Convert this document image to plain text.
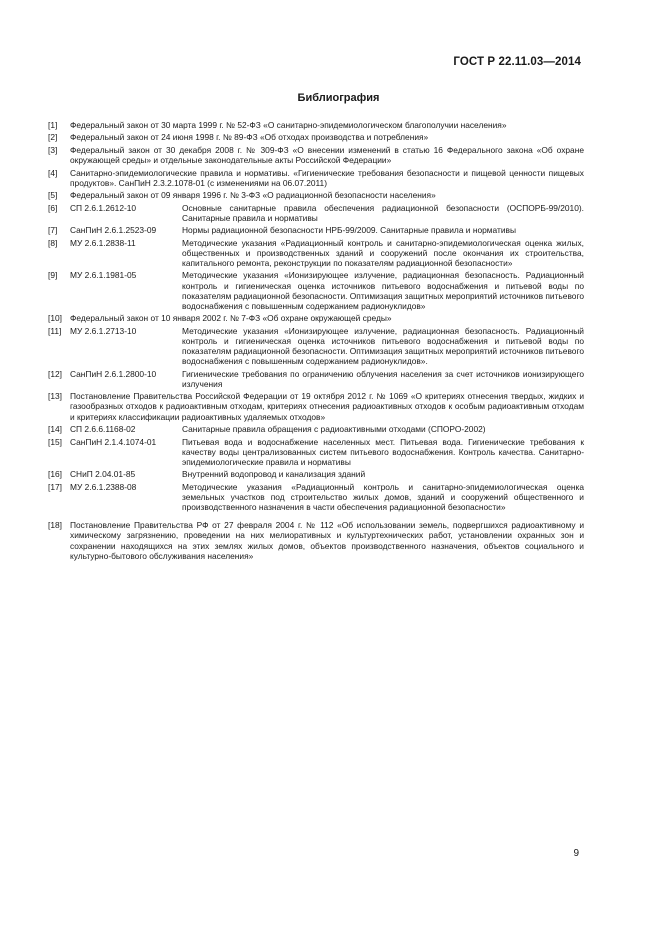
ГОСТ Р 22.11.03—2014
Библиография
[1]	Федеральный закон от 30 марта 1999 г. № 52-ФЗ «О санитарно-эпидемиологическом благополучии населения»
[2]	Федеральный закон от 24 июня 1998 г. № 89-ФЗ «Об отходах производства и потребления»
[3]	Федеральный закон от 30 декабря 2008 г. № 309-ФЗ «О внесении изменений в статью 16 Федерального закона «Об охране окружающей среды» и отдельные законодательные акты Российской Федерации»
[4]	Санитарно-эпидемиологические правила и нормативы. «Гигиенические требования безопасности и пищевой ценности пищевых продуктов». СанПиН 2.3.2.1078-01 (с изменениями на 06.07.2011)
[5]	Федеральный закон от 09 января 1996 г. № 3-ФЗ «О радиационной безопасности населения»
[6]	СП 2.6.1.2612-10	Основные санитарные правила обеспечения радиационной безопасности (ОСПОРБ-99/2010). Санитарные правила и нормативы
[7]	СанПиН 2.6.1.2523-09	Нормы радиационной безопасности НРБ-99/2009. Санитарные правила и нормативы
[8]	МУ 2.6.1.2838-11	Методические указания «Радиационный контроль и санитарно-эпидемиологическая оценка жилых, общественных и производственных зданий и сооружений после окончания их строительства, капитального ремонта, реконструкции по показателям радиационной безопасности»
[9]	МУ 2.6.1.1981-05	Методические указания «Ионизирующее излучение, радиационная безопасность. Радиационный контроль и гигиеническая оценка источников питьевого водоснабжения и питьевой воды по показателям радиационной безопасности. Оптимизация защитных мероприятий источников питьевого водоснабжения с повышенным содержанием радионуклидов»
[10] Федеральный закон от 10 января 2002 г. № 7-ФЗ «Об охране окружающей среды»
[11]	МУ 2.6.1.2713-10	Методические указания «Ионизирующее излучение, радиационная безопасность. Радиационный контроль и гигиеническая оценка источников питьевого водоснабжения и питьевой воды по показателям радиационной безопасности. Оптимизация защитных мероприятий источников питьевого водоснабжения с повышенным содержанием радионуклидов».
[12] СанПиН 2.6.1.2800-10	Гигиенические требования по ограничению облучения населения за счет источников ионизирующего излучения
[13] Постановление Правительства Российской Федерации от 19 октября 2012 г. № 1069 «О критериях отнесения твердых, жидких и газообразных отходов к радиоактивным отходам, критериях отнесения радиоактивных отходов к особым радиоактивным отходам и критериях классификации радиоактивных удаляемых отходов»
[14] СП 2.6.6.1168-02	Санитарные правила обращения с радиоактивными отходами (СПОРО-2002)
[15] СанПиН 2.1.4.1074-01	Питьевая вода и водоснабжение населенных мест. Питьевая вода. Гигиенические требования к качеству воды централизованных систем питьевого водоснабжения. Контроль качества. Санитарно-эпидемиологические правила и нормативы
[16] СНиП 2.04.01-85	Внутренний водопровод и канализация зданий
[17] МУ 2.6.1.2388-08	Методические указания «Радиационный контроль и санитарно-эпидемиологическая оценка земельных участков под строительство жилых домов, зданий и сооружений общественного и производственного назначения в части обеспечения радиационной безопасности»
[18] Постановление Правительства РФ от 27 февраля 2004 г. № 112 «Об использовании земель, подвергшихся радиоактивному и химическому загрязнению, проведении на них мелиоративных и культуртехнических работ, установлении охранных зон и сохранении находящихся на этих землях жилых домов, объектов производственного назначения, объектов социального и культурно-бытового обслуживания населения»
9
